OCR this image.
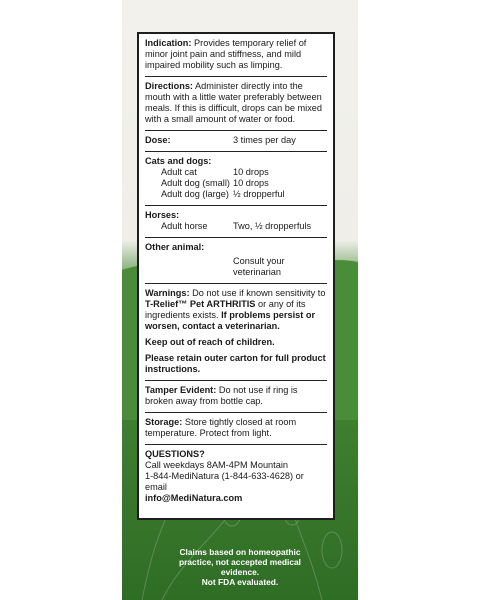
Indication: Provides temporary relief of minor joint pain and stiffness, and mild impaired mobility such as limping.
Directions: Administer directly into the mouth with a little water preferably between meals. If this is difficult, drops can be mixed with a small amount of water or food.
Dose:	3 times per day
Cats and dogs:
Adult cat	10 drops
Adult dog (small) 10 drops
Adult dog (large) ½ dropperful
Horses:
Adult horse	Two, ½ dropperfuls
Other animal:
Consult your veterinarian
Warnings: Do not use if known sensitivity to T-Relief™ Pet ARTHRITIS or any of its ingredients exists. If problems persist or worsen, contact a veterinarian.
Keep out of reach of children.
Please retain outer carton for full product instructions.
Tamper Evident: Do not use if ring is broken away from bottle cap.
Storage: Store tightly closed at room temperature. Protect from light.
QUESTIONS?
Call weekdays 8AM-4PM Mountain
1-844-MediNatura (1-844-633-4628) or email
info@MediNatura.com
Claims based on homeopathic
practice, not accepted medical evidence.
Not FDA evaluated.
